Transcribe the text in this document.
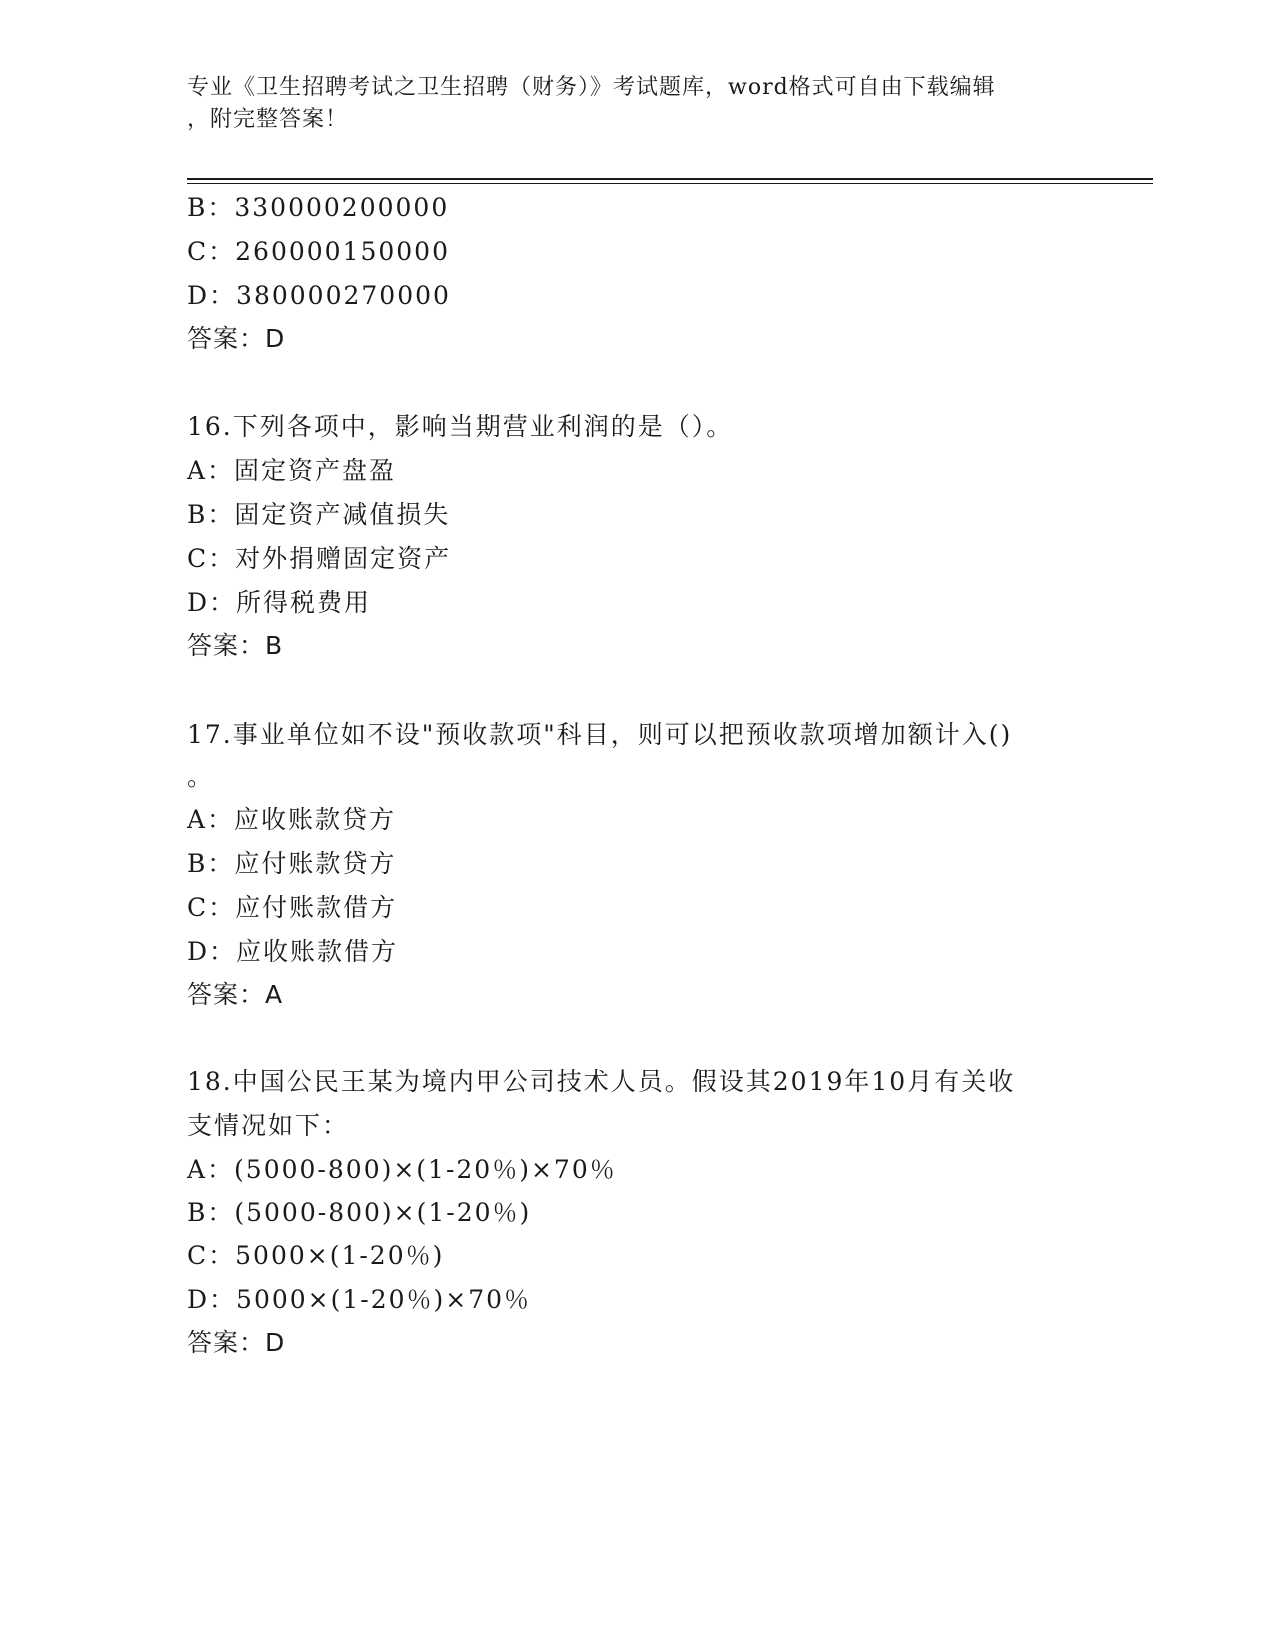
专业《卫生招聘考试之卫生招聘（财务）》考试题库，word格式可自由下载编辑
，附完整答案！
B：330000200000
C：260000150000
D：380000270000
答案：D
16.下列各项中，影响当期营业利润的是（）。
A：固定资产盘盈
B：固定资产减值损失
C：对外捐赠固定资产
D：所得税费用
答案：B
17.事业单位如不设"预收款项"科目，则可以把预收款项增加额计入()
。
A：应收账款贷方
B：应付账款贷方
C：应付账款借方
D：应收账款借方
答案：A
18.中国公民王某为境内甲公司技术人员。假设其2019年10月有关收
支情况如下：
A：(5000-800)×(1-20％)×70％
B：(5000-800)×(1-20％)
C：5000×(1-20％)
D：5000×(1-20％)×70％
答案：D
